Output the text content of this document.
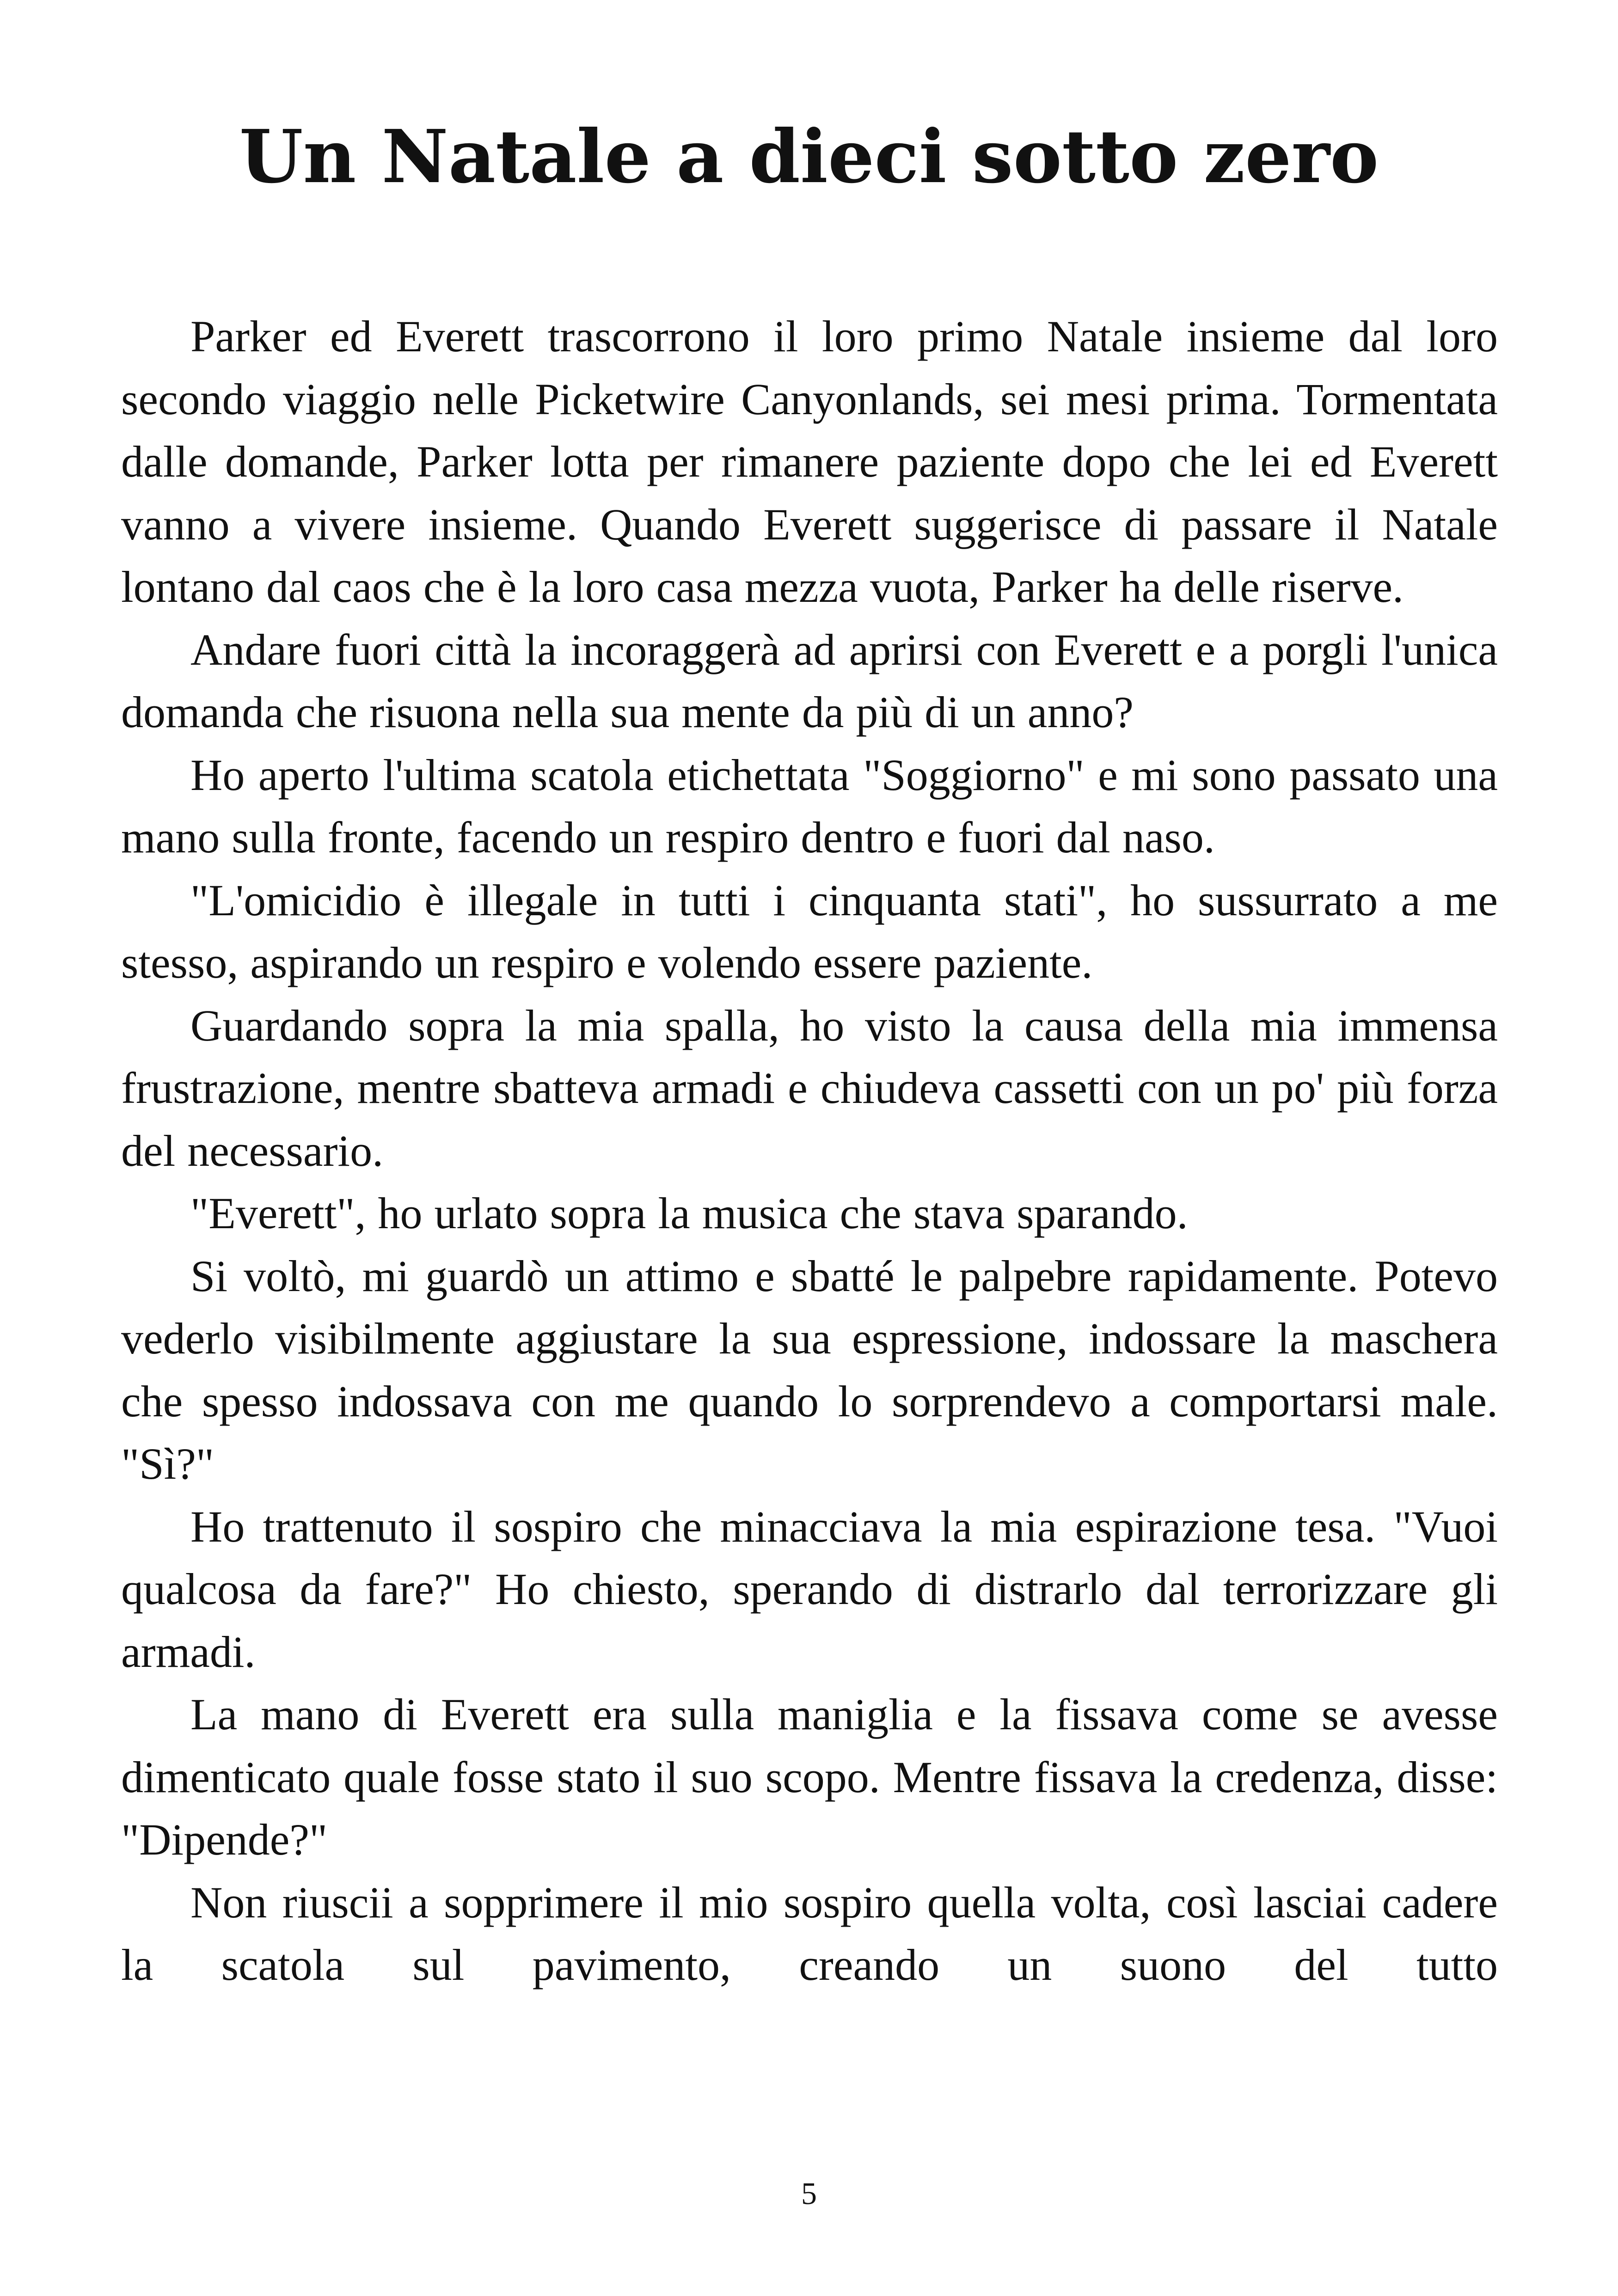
Un Natale a dieci sotto zero

Parker ed Everett trascorrono il loro primo Natale insieme dal loro secondo viaggio nelle Picketwire Canyonlands, sei mesi prima. Tormentata dalle domande, Parker lotta per rimanere paziente dopo che lei ed Everett vanno a vivere insieme. Quando Everett suggerisce di passare il Natale lontano dal caos che è la loro casa mezza vuota, Parker ha delle riserve.

Andare fuori città la incoraggerà ad aprirsi con Everett e a porgli l'unica domanda che risuona nella sua mente da più di un anno?

Ho aperto l'ultima scatola etichettata "Soggiorno" e mi sono passato una mano sulla fronte, facendo un respiro dentro e fuori dal naso.

"L'omicidio è illegale in tutti i cinquanta stati", ho sussurrato a me stesso, aspirando un respiro e volendo essere paziente.

Guardando sopra la mia spalla, ho visto la causa della mia immensa frustrazione, mentre sbatteva armadi e chiudeva cassetti con un po' più forza del necessario.

"Everett", ho urlato sopra la musica che stava sparando.

Si voltò, mi guardò un attimo e sbatté le palpebre rapidamente. Potevo vederlo visibilmente aggiustare la sua espressione, indossare la maschera che spesso indossava con me quando lo sorprendevo a comportarsi male. "Sì?"

Ho trattenuto il sospiro che minacciava la mia espirazione tesa. "Vuoi qualcosa da fare?" Ho chiesto, sperando di distrarlo dal terrorizzare gli armadi.

La mano di Everett era sulla maniglia e la fissava come se avesse dimenticato quale fosse stato il suo scopo. Mentre fissava la credenza, disse: "Dipende?"

Non riuscii a sopprimere il mio sospiro quella volta, così lasciai cadere la scatola sul pavimento, creando un suono del tutto

5
